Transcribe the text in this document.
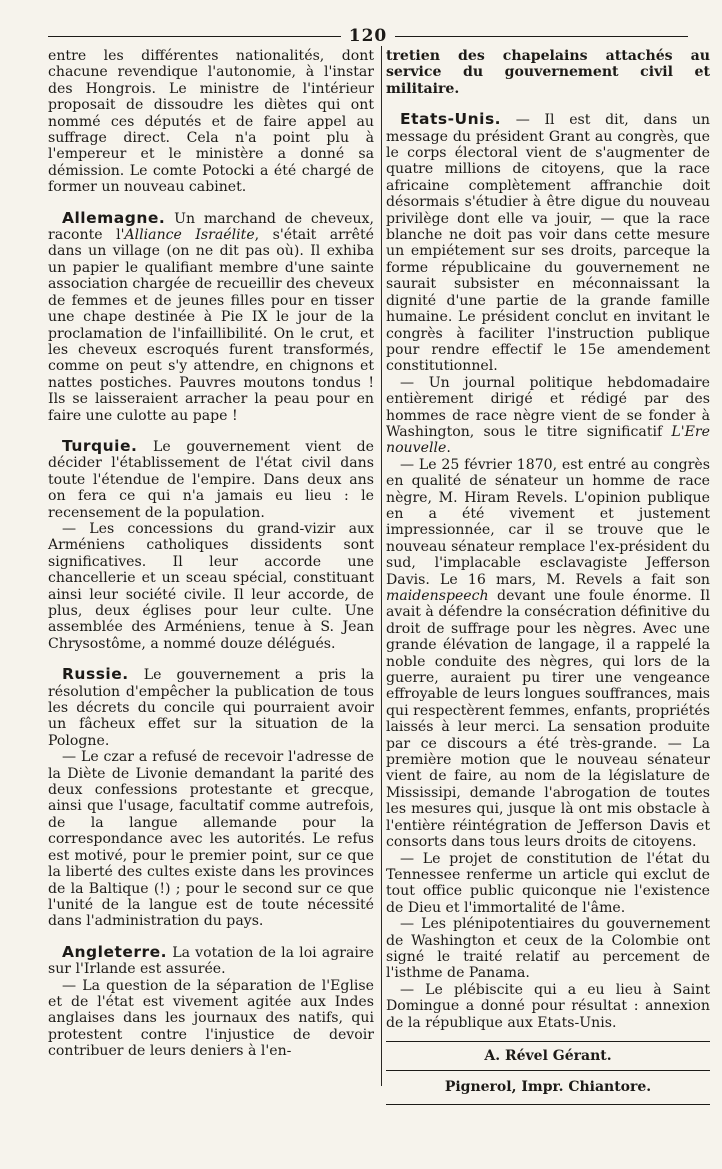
120

entre les différentes nationalités, dont chacune revendique l'autonomie, à l'instar des Hongrois. Le ministre de l'intérieur proposait de dissoudre les diètes qui ont nommé ces députés et de faire appel au suffrage direct. Cela n'a point plu à l'empereur et le ministère a donné sa démission. Le comte Potocki a été chargé de former un nouveau cabinet.

Allemagne. Un marchand de cheveux, raconte l'Alliance Israélite, s'était arrêté dans un village (on ne dit pas où). Il exhiba un papier le qualifiant membre d'une sainte association chargée de recueillir des cheveux de femmes et de jeunes filles pour en tisser une chape destinée à Pie IX le jour de la proclamation de l'infaillibilité. On le crut, et les cheveux escroqués furent transformés, comme on peut s'y attendre, en chignons et nattes postiches. Pauvres moutons tondus ! Ils se laisseraient arracher la peau pour en faire une culotte au pape !

Turquie. Le gouvernement vient de décider l'établissement de l'état civil dans toute l'étendue de l'empire. Dans deux ans on fera ce qui n'a jamais eu lieu : le recensement de la population.

— Les concessions du grand-vizir aux Arméniens catholiques dissidents sont significatives. Il leur accorde une chancellerie et un sceau spécial, constituant ainsi leur société civile. Il leur accorde, de plus, deux églises pour leur culte. Une assemblée des Arméniens, tenue à S. Jean Chrysostôme, a nommé douze délégués.

Russie. Le gouvernement a pris la résolution d'empêcher la publication de tous les décrets du concile qui pourraient avoir un fâcheux effet sur la situation de la Pologne.

— Le czar a refusé de recevoir l'adresse de la Diète de Livonie demandant la parité des deux confessions protestante et grecque, ainsi que l'usage, facultatif comme autrefois, de la langue allemande pour la correspondance avec les autorités. Le refus est motivé, pour le premier point, sur ce que la liberté des cultes existe dans les provinces de la Baltique (!) ; pour le second sur ce que l'unité de la langue est de toute nécessité dans l'administration du pays.

Angleterre. La votation de la loi agraire sur l'Irlande est assurée.

— La question de la séparation de l'Eglise et de l'état est vivement agitée aux Indes anglaises dans les journaux des natifs, qui protestent contre l'injustice de devoir contribuer de leurs deniers à l'en-

tretien des chapelains attachés au service du gouvernement civil et militaire.

Etats-Unis. — Il est dit, dans un message du président Grant au congrès, que le corps électoral vient de s'augmenter de quatre millions de citoyens, que la race africaine complètement affranchie doit désormais s'étudier à être digue du nouveau privilège dont elle va jouir, — que la race blanche ne doit pas voir dans cette mesure un empiétement sur ses droits, parceque la forme républicaine du gouvernement ne saurait subsister en méconnaissant la dignité d'une partie de la grande famille humaine. Le président conclut en invitant le congrès à faciliter l'instruction publique pour rendre effectif le 15e amendement constitutionnel.

— Un journal politique hebdomadaire entièrement dirigé et rédigé par des hommes de race nègre vient de se fonder à Washington, sous le titre significatif L'Ere nouvelle.

— Le 25 février 1870, est entré au congrès en qualité de sénateur un homme de race nègre, M. Hiram Revels. L'opinion publique en a été vivement et justement impressionnée, car il se trouve que le nouveau sénateur remplace l'ex-président du sud, l'implacable esclavagiste Jefferson Davis. Le 16 mars, M. Revels a fait son maidenspeech devant une foule énorme. Il avait à défendre la consécration définitive du droit de suffrage pour les nègres. Avec une grande élévation de langage, il a rappelé la noble conduite des nègres, qui lors de la guerre, auraient pu tirer une vengeance effroyable de leurs longues souffrances, mais qui respectèrent femmes, enfants, propriétés laissés à leur merci. La sensation produite par ce discours a été très-grande. — La première motion que le nouveau sénateur vient de faire, au nom de la législature de Mississipi, demande l'abrogation de toutes les mesures qui, jusque là ont mis obstacle à l'entière réintégration de Jefferson Davis et consorts dans tous leurs droits de citoyens.

— Le projet de constitution de l'état du Tennessee renferme un article qui exclut de tout office public quiconque nie l'existence de Dieu et l'immortalité de l'âme.

— Les plénipotentiaires du gouvernement de Washington et ceux de la Colombie ont signé le traité relatif au percement de l'isthme de Panama.

— Le plébiscite qui a eu lieu à Saint Domingue a donné pour résultat : annexion de la république aux Etats-Unis.

A. Rével Gérant.
Pignerol, Impr. Chiantore.
